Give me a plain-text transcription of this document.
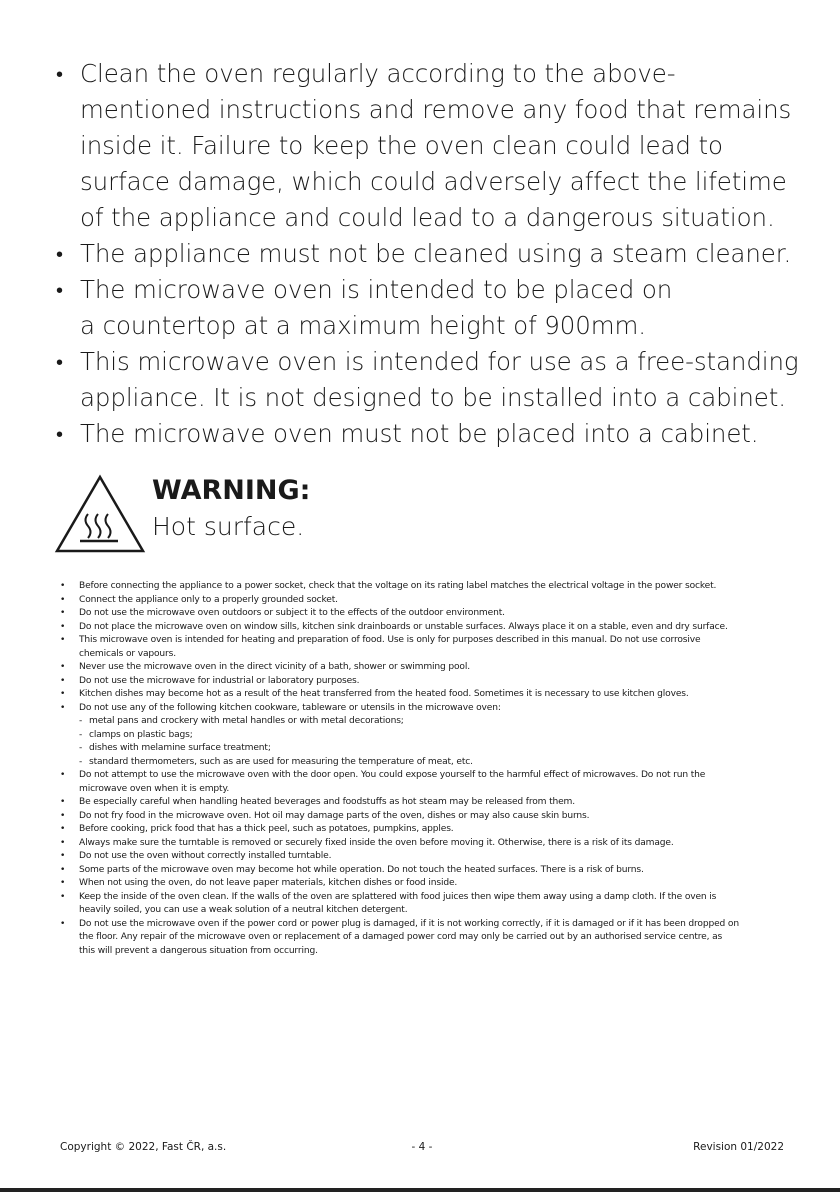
• Clean the oven regularly according to the above-
mentioned instructions and remove any food that remains
inside it. Failure to keep the oven clean could lead to
surface damage, which could adversely affect the lifetime
of the appliance and could lead to a dangerous situation.
• The appliance must not be cleaned using a steam cleaner.
• The microwave oven is intended to be placed on
a countertop at a maximum height of 900mm.
• This microwave oven is intended for use as a free-standing
appliance. It is not designed to be installed into a cabinet.
• The microwave oven must not be placed into a cabinet.
WARNING:
Hot surface.
• Before connecting the appliance to a power socket, check that the voltage on its rating label matches the electrical voltage in the power socket.
• Connect the appliance only to a properly grounded socket.
• Do not use the microwave oven outdoors or subject it to the effects of the outdoor environment.
• Do not place the microwave oven on window sills, kitchen sink drainboards or unstable surfaces. Always place it on a stable, even and dry surface.
• This microwave oven is intended for heating and preparation of food. Use is only for purposes described in this manual. Do not use corrosive
chemicals or vapours.
• Never use the microwave oven in the direct vicinity of a bath, shower or swimming pool.
• Do not use the microwave for industrial or laboratory purposes.
• Kitchen dishes may become hot as a result of the heat transferred from the heated food. Sometimes it is necessary to use kitchen gloves.
• Do not use any of the following kitchen cookware, tableware or utensils in the microwave oven:
- metal pans and crockery with metal handles or with metal decorations;
- clamps on plastic bags;
- dishes with melamine surface treatment;
- standard thermometers, such as are used for measuring the temperature of meat, etc.
• Do not attempt to use the microwave oven with the door open. You could expose yourself to the harmful effect of microwaves. Do not run the
microwave oven when it is empty.
• Be especially careful when handling heated beverages and foodstuffs as hot steam may be released from them.
• Do not fry food in the microwave oven. Hot oil may damage parts of the oven, dishes or may also cause skin burns.
• Before cooking, prick food that has a thick peel, such as potatoes, pumpkins, apples.
• Always make sure the turntable is removed or securely fixed inside the oven before moving it. Otherwise, there is a risk of its damage.
• Do not use the oven without correctly installed turntable.
• Some parts of the microwave oven may become hot while operation. Do not touch the heated surfaces. There is a risk of burns.
• When not using the oven, do not leave paper materials, kitchen dishes or food inside.
• Keep the inside of the oven clean. If the walls of the oven are splattered with food juices then wipe them away using a damp cloth. If the oven is
heavily soiled, you can use a weak solution of a neutral kitchen detergent.
• Do not use the microwave oven if the power cord or power plug is damaged, if it is not working correctly, if it is damaged or if it has been dropped on
the floor. Any repair of the microwave oven or replacement of a damaged power cord may only be carried out by an authorised service centre, as
this will prevent a dangerous situation from occurring.
Copyright © 2022, Fast ČR, a.s.	- 4 -	Revision 01/2022
